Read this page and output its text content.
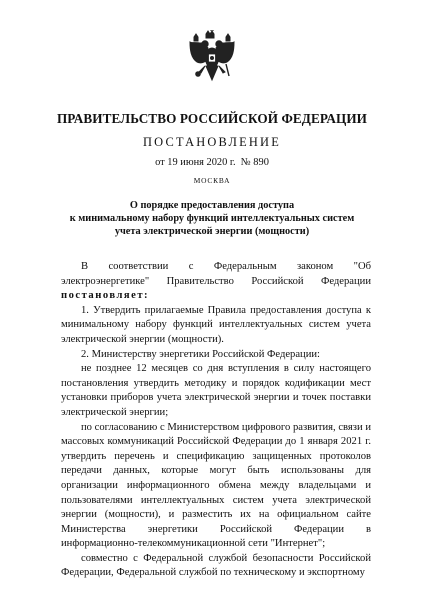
ПРАВИТЕЛЬСТВО РОССИЙСКОЙ ФЕДЕРАЦИИ
ПОСТАНОВЛЕНИЕ
от 19 июня 2020 г.  № 890
МОСКВА
О порядке предоставления доступа
к минимальному набору функций интеллектуальных систем
учета электрической энергии (мощности)

В соответствии с Федеральным законом "Об электроэнергетике" Правительство Российской Федерации постановляет:

1. Утвердить прилагаемые Правила предоставления доступа к минимальному набору функций интеллектуальных систем учета электрической энергии (мощности).

2. Министерству энергетики Российской Федерации:

не позднее 12 месяцев со дня вступления в силу настоящего постановления утвердить методику и порядок кодификации мест установки приборов учета электрической энергии и точек поставки электрической энергии;

по согласованию с Министерством цифрового развития, связи и массовых коммуникаций Российской Федерации до 1 января 2021 г. утвердить перечень и спецификацию защищенных протоколов передачи данных, которые могут быть использованы для организации информационного обмена между владельцами и пользователями интеллектуальных систем учета электрической энергии (мощности), и разместить их на официальном сайте Министерства энергетики Российской Федерации в информационно-телекоммуникационной сети "Интернет";

совместно с Федеральной службой безопасности Российской Федерации, Федеральной службой по техническому и экспортному
